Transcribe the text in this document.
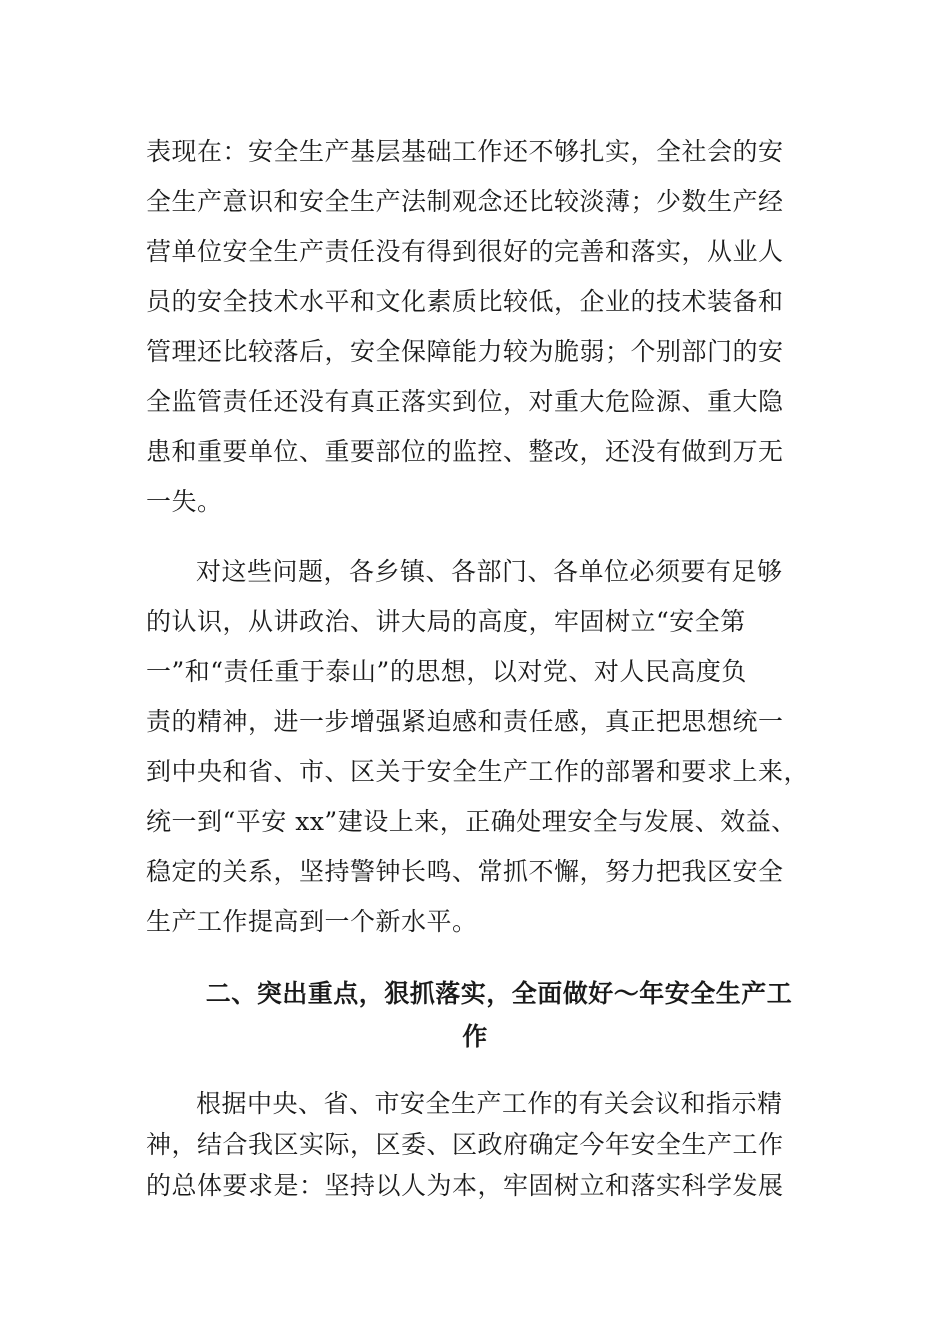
表现在：安全生产基层基础工作还不够扎实，全社会的安
全生产意识和安全生产法制观念还比较淡薄；少数生产经
营单位安全生产责任没有得到很好的完善和落实，从业人
员的安全技术水平和文化素质比较低，企业的技术装备和
管理还比较落后，安全保障能力较为脆弱；个别部门的安
全监管责任还没有真正落实到位，对重大危险源、重大隐
患和重要单位、重要部位的监控、整改，还没有做到万无
一失。
对这些问题，各乡镇、各部门、各单位必须要有足够
的认识，从讲政治、讲大局的高度，牢固树立“安全第
一”和“责任重于泰山”的思想，以对党、对人民高度负
责的精神，进一步增强紧迫感和责任感，真正把思想统一
到中央和省、市、区关于安全生产工作的部署和要求上来，
统一到“平安 xx”建设上来，正确处理安全与发展、效益、
稳定的关系，坚持警钟长鸣、常抓不懈，努力把我区安全
生产工作提高到一个新水平。
二、突出重点，狠抓落实，全面做好～年安全生产工
作
根据中央、省、市安全生产工作的有关会议和指示精
神，结合我区实际，区委、区政府确定今年安全生产工作
的总体要求是：坚持以人为本，牢固树立和落实科学发展
